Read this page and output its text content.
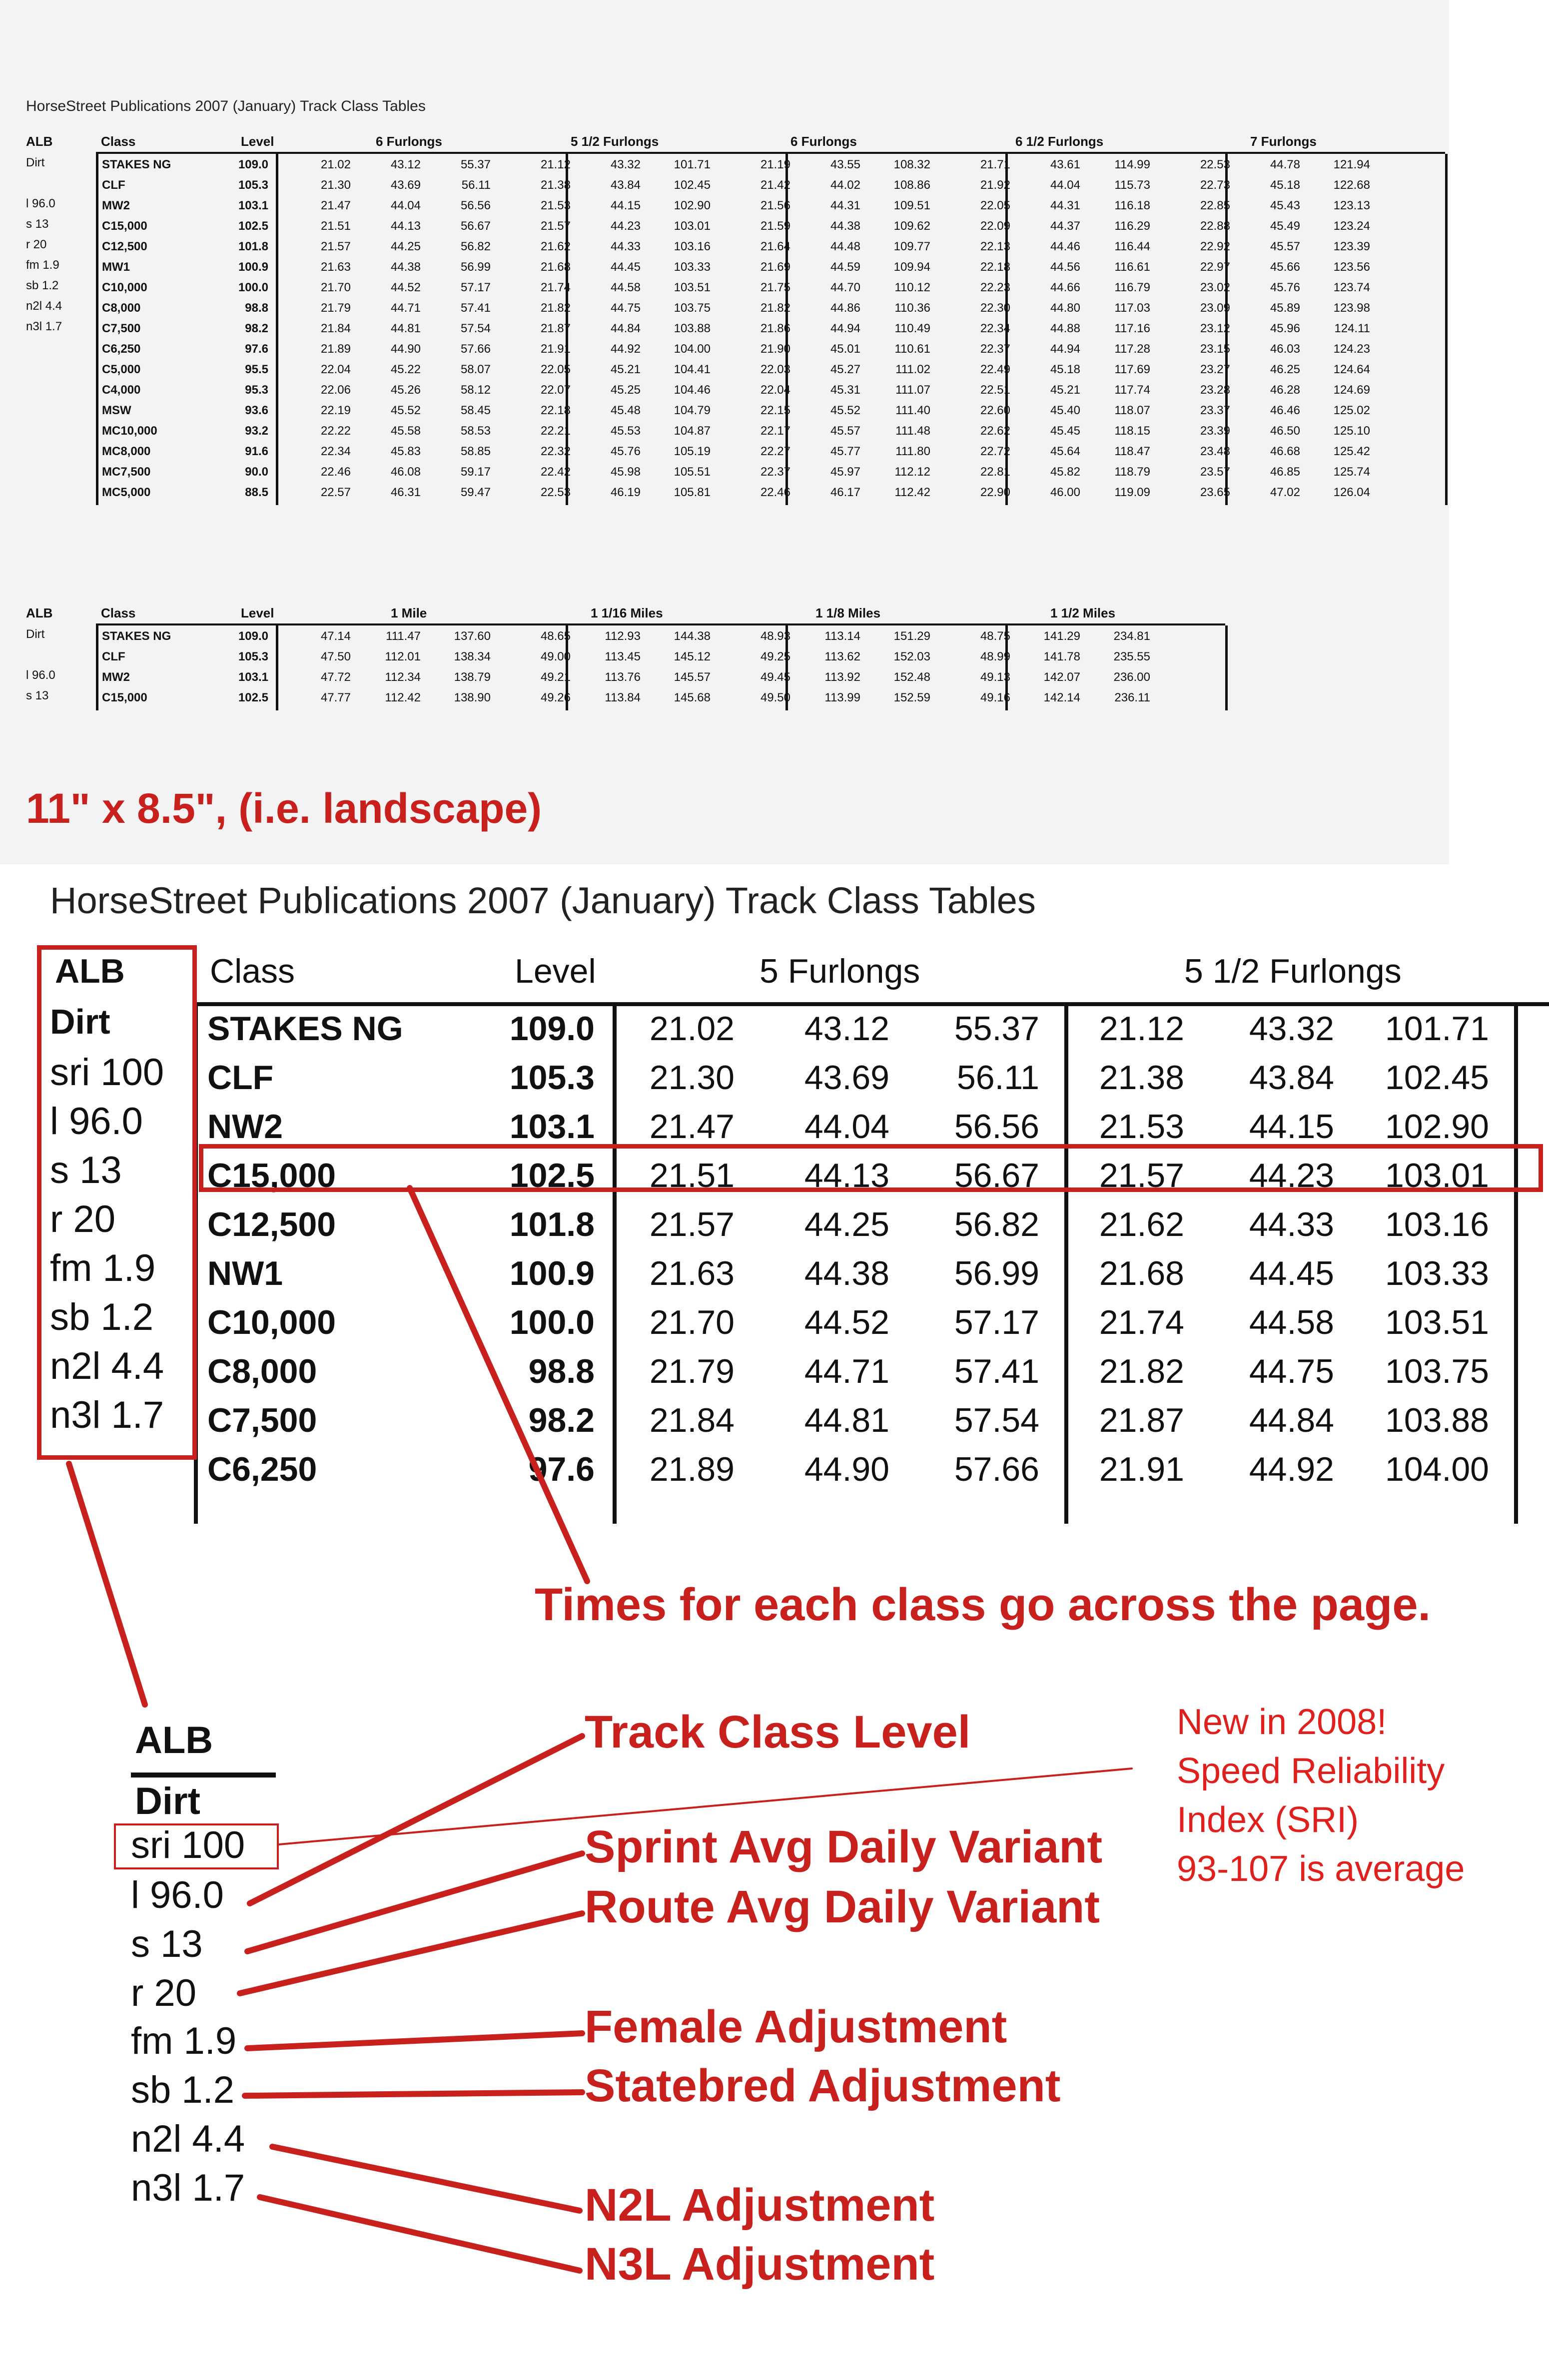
HorseStreet Publications 2007 (January) Track Class Tables
ALB	Class	Level	6 Furlongs	5 1/2 Furlongs	6 Furlongs	6 1/2 Furlongs	7 Furlongs
Dirt
l 96.0
s 13
r 20
fm 1.9
sb 1.2
n2l 4.4
n3l 1.7
STAKES NG	109.0	21.02	43.12	55.37	21.12	43.32	101.71	21.19	43.55	108.32	21.71	43.61	114.99	22.53	44.78	121.94
CLF	105.3	21.30	43.69	56.11	21.38	43.84	102.45	21.42	44.02	108.86	21.92	44.04	115.73	22.73	45.18	122.68
MW2	103.1	21.47	44.04	56.56	21.53	44.15	102.90	21.56	44.31	109.51	22.05	44.31	116.18	22.85	45.43	123.13
C15,000	102.5	21.51	44.13	56.67	21.57	44.23	103.01	21.59	44.38	109.62	22.09	44.37	116.29	22.88	45.49	123.24
C12,500	101.8	21.57	44.25	56.82	21.62	44.33	103.16	21.64	44.48	109.77	22.13	44.46	116.44	22.92	45.57	123.39
MW1	100.9	21.63	44.38	56.99	21.68	44.45	103.33	21.69	44.59	109.94	22.18	44.56	116.61	22.97	45.66	123.56
C10,000	100.0	21.70	44.52	57.17	21.74	44.58	103.51	21.75	44.70	110.12	22.23	44.66	116.79	23.02	45.76	123.74
C8,000	98.8	21.79	44.71	57.41	21.82	44.75	103.75	21.82	44.86	110.36	22.30	44.80	117.03	23.09	45.89	123.98
C7,500	98.2	21.84	44.81	57.54	21.87	44.84	103.88	21.86	44.94	110.49	22.34	44.88	117.16	23.12	45.96	124.11
C6,250	97.6	21.89	44.90	57.66	21.91	44.92	104.00	21.90	45.01	110.61	22.37	44.94	117.28	23.15	46.03	124.23
C5,000	95.5	22.04	45.22	58.07	22.05	45.21	104.41	22.03	45.27	111.02	22.49	45.18	117.69	23.27	46.25	124.64
C4,000	95.3	22.06	45.26	58.12	22.07	45.25	104.46	22.04	45.31	111.07	22.51	45.21	117.74	23.28	46.28	124.69
MSW	93.6	22.19	45.52	58.45	22.18	45.48	104.79	22.15	45.52	111.40	22.60	45.40	118.07	23.37	46.46	125.02
MC10,000	93.2	22.22	45.58	58.53	22.21	45.53	104.87	22.17	45.57	111.48	22.62	45.45	118.15	23.39	46.50	125.10
MC8,000	91.6	22.34	45.83	58.85	22.32	45.76	105.19	22.27	45.77	111.80	22.72	45.64	118.47	23.48	46.68	125.42
MC7,500	90.0	22.46	46.08	59.17	22.42	45.98	105.51	22.37	45.97	112.12	22.81	45.82	118.79	23.57	46.85	125.74
MC5,000	88.5	22.57	46.31	59.47	22.53	46.19	105.81	22.46	46.17	112.42	22.90	46.00	119.09	23.65	47.02	126.04
ALB	Class	Level	1 Mile	1 1/16 Miles	1 1/8 Miles	1 1/2 Miles
Dirt
l 96.0
s 13
STAKES NG	109.0	47.14	111.47	137.60	48.65	112.93	144.38	48.93	113.14	151.29	48.75	141.29	234.81
CLF	105.3	47.50	112.01	138.34	49.00	113.45	145.12	49.25	113.62	152.03	48.99	141.78	235.55
MW2	103.1	47.72	112.34	138.79	49.21	113.76	145.57	49.45	113.92	152.48	49.13	142.07	236.00
C15,000	102.5	47.77	112.42	138.90	49.26	113.84	145.68	49.50	113.99	152.59	49.16	142.14	236.11
11" x 8.5", (i.e. landscape)
HorseStreet Publications 2007 (January) Track Class Tables
ALB	Class	Level	5 Furlongs	5 1/2 Furlongs
STAKES NG	109.0	21.02	43.12	55.37	21.12	43.32 101.71
CLF	105.3	21.30	43.69	56.11	21.38	43.84 102.45
NW2	103.1	21.47	44.04	56.56	21.53	44.15 102.90
C15,000	102.5	21.51	44.13	56.67	21.57	44.23 103.01
C12,500	101.8	21.57	44.25	56.82	21.62	44.33 103.16
NW1	100.9	21.63	44.38	56.99	21.68	44.45 103.33
C10,000	100.0	21.70	44.52	57.17	21.74	44.58 103.51
C8,000	98.8	21.79	44.71	57.41	21.82	44.75 103.75
C7,500	98.2	21.84	44.81	57.54	21.87	44.84 103.88
C6,250	97.6	21.89	44.90	57.66	21.91	44.92 104.00
Dirt
sri 100
l 96.0
s 13
r 20
fm 1.9
sb 1.2
n2l 4.4
n3l 1.7
Times for each class go across the page.
Track Class Level
Sprint Avg Daily Variant
Route Avg Daily Variant
Female Adjustment
Statebred Adjustment
N2L Adjustment
N3L Adjustment
New in 2008!
Speed Reliability
Index (SRI)
93-107 is average
ALB
Dirt
sri 100
l 96.0
s 13
r 20
fm 1.9
sb 1.2
n2l 4.4
n3l 1.7
